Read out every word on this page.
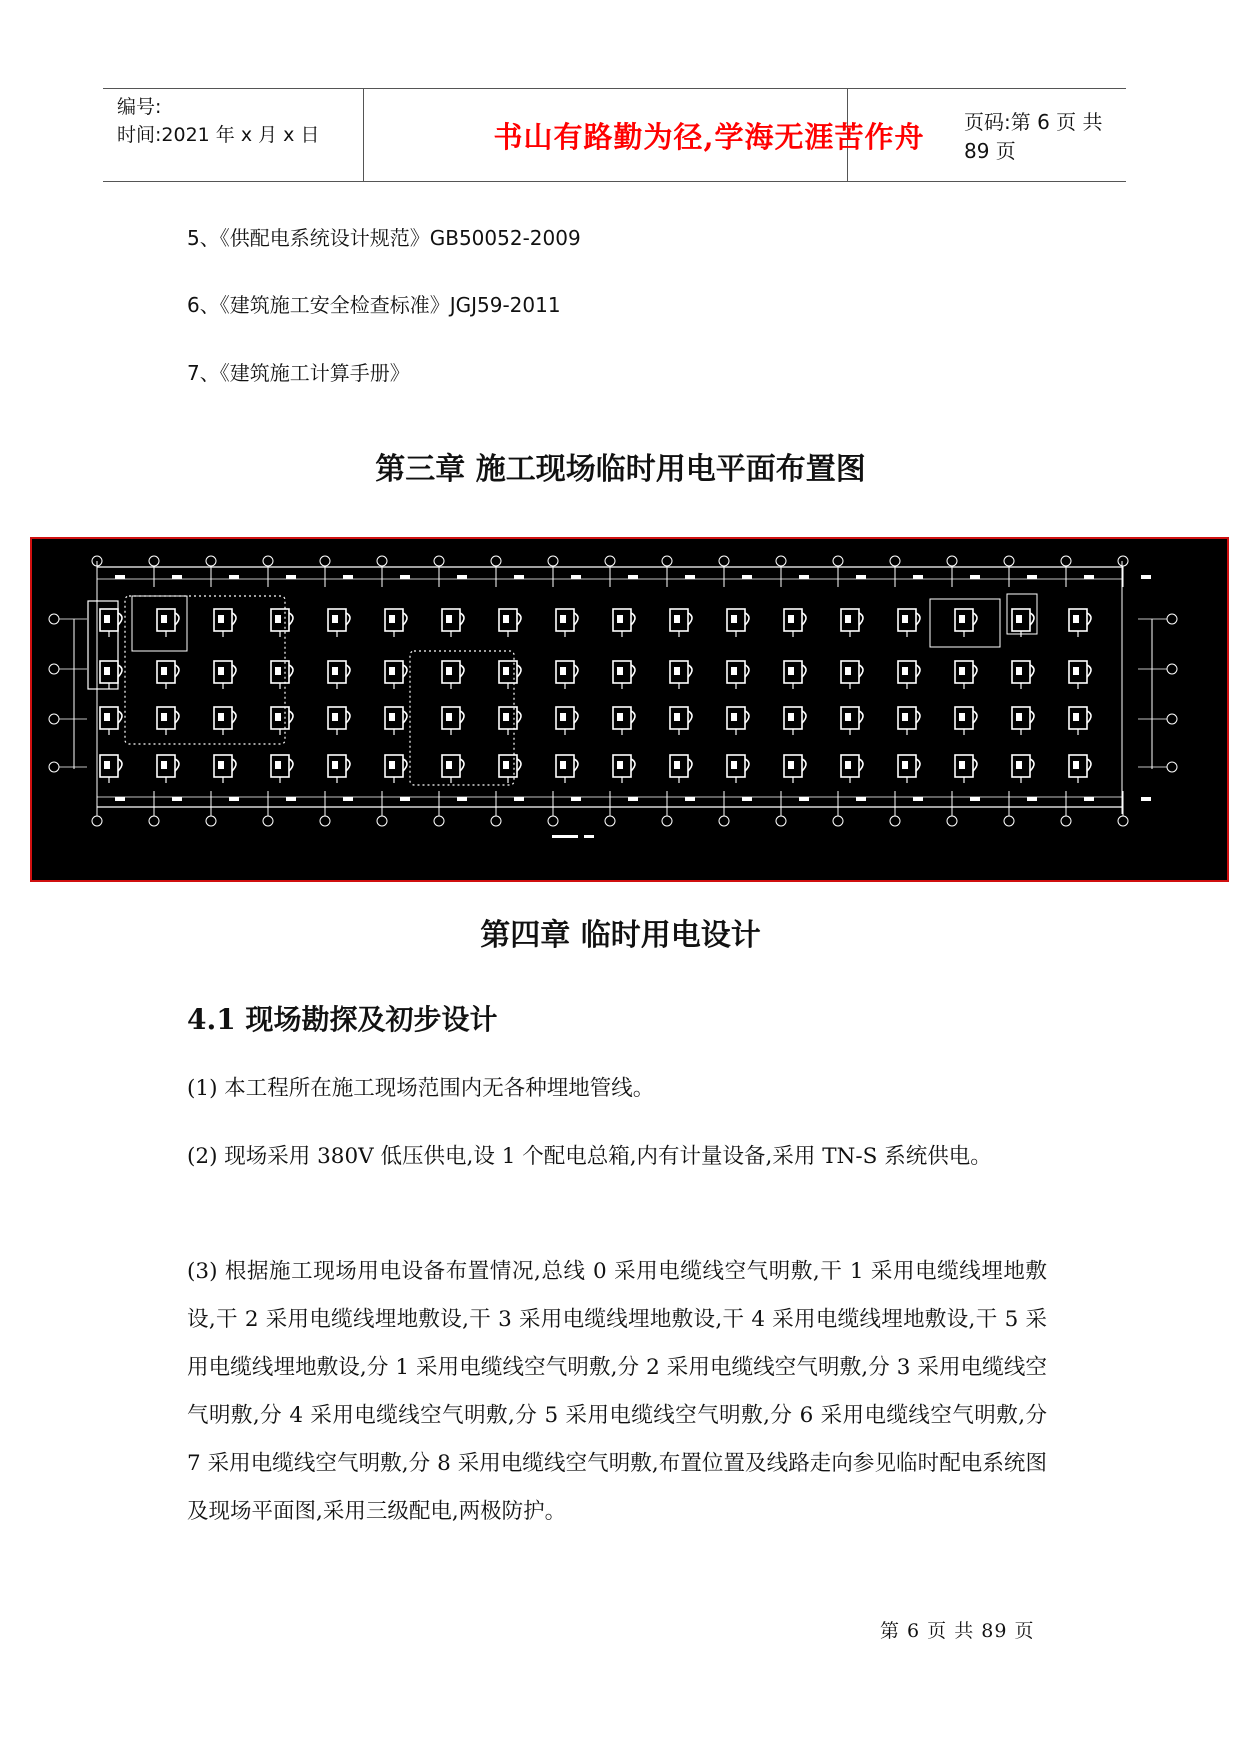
编号:
时间:2021 年 x 月 x 日	书山有路勤为径,学海无涯苦作舟	页码:第 6 页 共 89 页
5、《供配电系统设计规范》GB50052-2009
6、《建筑施工安全检查标准》JGJ59-2011
7、《建筑施工计算手册》
第三章 施工现场临时用电平面布置图
第四章 临时用电设计
4.1 现场勘探及初步设计
(1) 本工程所在施工现场范围内无各种埋地管线。
(2) 现场采用 380V 低压供电,设 1 个配电总箱,内有计量设备,采用 TN-S 系统供电。
(3) 根据施工现场用电设备布置情况,总线 0 采用电缆线空气明敷,干 1 采用电缆线埋地敷设,干 2 采用电缆线埋地敷设,干 3 采用电缆线埋地敷设,干 4 采用电缆线埋地敷设,干 5 采用电缆线埋地敷设,分 1 采用电缆线空气明敷,分 2 采用电缆线空气明敷,分 3 采用电缆线空气明敷,分 4 采用电缆线空气明敷,分 5 采用电缆线空气明敷,分 6 采用电缆线空气明敷,分 7 采用电缆线空气明敷,分 8 采用电缆线空气明敷,布置位置及线路走向参见临时配电系统图及现场平面图,采用三级配电,两极防护。
第 6 页 共 89 页
